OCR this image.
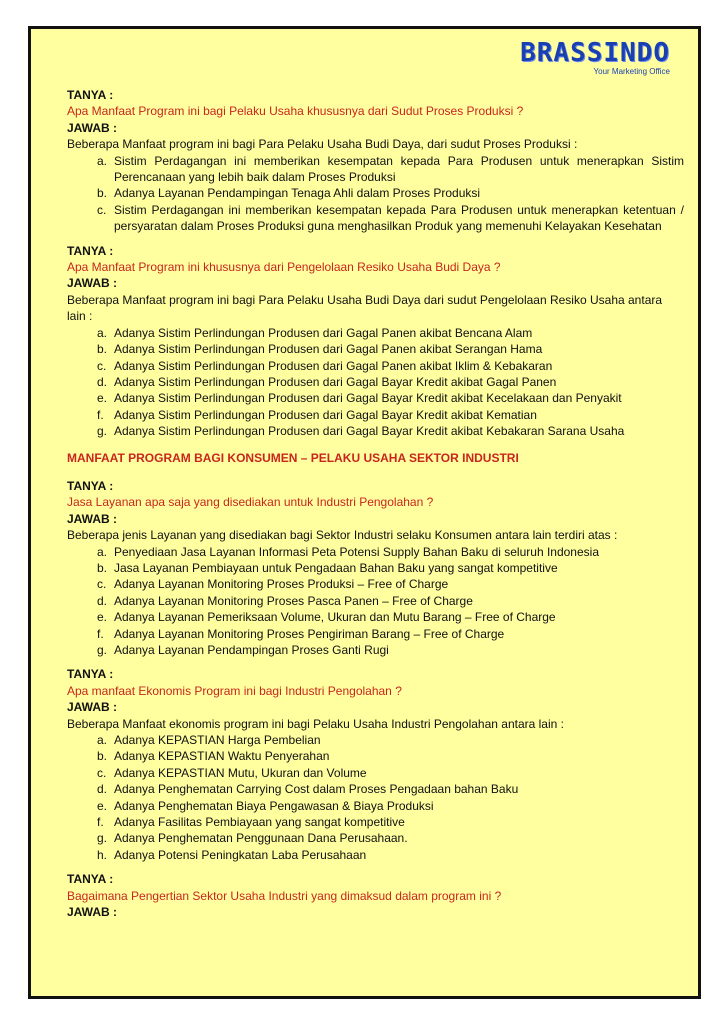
BRASSINDO
Your Marketing Office
TANYA :
Apa Manfaat Program ini bagi Pelaku Usaha khususnya dari Sudut Proses Produksi ?
JAWAB :
Beberapa Manfaat program ini bagi Para Pelaku Usaha Budi Daya, dari sudut Proses Produksi :
a. Sistim Perdagangan ini memberikan kesempatan kepada Para Produsen untuk menerapkan Sistim Perencanaan yang lebih baik dalam Proses Produksi
b. Adanya Layanan Pendampingan Tenaga Ahli dalam Proses Produksi
c. Sistim Perdagangan ini memberikan kesempatan kepada Para Produsen untuk menerapkan ketentuan / persyaratan dalam Proses Produksi guna menghasilkan Produk yang memenuhi Kelayakan Kesehatan
TANYA :
Apa Manfaat Program ini khususnya dari Pengelolaan Resiko Usaha Budi Daya ?
JAWAB :
Beberapa Manfaat program ini bagi Para Pelaku Usaha Budi Daya dari sudut Pengelolaan Resiko Usaha antara lain :
a. Adanya Sistim Perlindungan Produsen dari Gagal Panen akibat Bencana Alam
b. Adanya Sistim Perlindungan Produsen dari Gagal Panen akibat Serangan Hama
c. Adanya Sistim Perlindungan Produsen dari Gagal Panen akibat Iklim & Kebakaran
d. Adanya Sistim Perlindungan Produsen dari Gagal Bayar Kredit akibat Gagal Panen
e. Adanya Sistim Perlindungan Produsen dari Gagal Bayar Kredit akibat Kecelakaan dan Penyakit
f. Adanya Sistim Perlindungan Produsen dari Gagal Bayar Kredit akibat Kematian
g. Adanya Sistim Perlindungan Produsen dari Gagal Bayar Kredit akibat Kebakaran Sarana Usaha
MANFAAT PROGRAM BAGI KONSUMEN – PELAKU USAHA SEKTOR INDUSTRI
TANYA :
Jasa Layanan apa saja yang disediakan untuk Industri Pengolahan ?
JAWAB :
Beberapa jenis Layanan yang disediakan bagi Sektor Industri selaku Konsumen antara lain terdiri atas :
a. Penyediaan Jasa Layanan Informasi Peta Potensi Supply Bahan Baku di seluruh Indonesia
b. Jasa Layanan Pembiayaan untuk Pengadaan Bahan Baku yang sangat kompetitive
c. Adanya Layanan Monitoring Proses Produksi – Free of Charge
d. Adanya Layanan Monitoring Proses Pasca Panen – Free of Charge
e. Adanya Layanan Pemeriksaan Volume, Ukuran dan Mutu Barang – Free of Charge
f. Adanya Layanan Monitoring Proses Pengiriman Barang – Free of Charge
g. Adanya Layanan Pendampingan Proses Ganti Rugi
TANYA :
Apa manfaat Ekonomis Program ini bagi Industri Pengolahan ?
JAWAB :
Beberapa Manfaat ekonomis program ini bagi Pelaku Usaha Industri Pengolahan antara lain :
a. Adanya KEPASTIAN Harga Pembelian
b. Adanya KEPASTIAN Waktu Penyerahan
c. Adanya KEPASTIAN Mutu, Ukuran dan Volume
d. Adanya Penghematan Carrying Cost dalam Proses Pengadaan bahan Baku
e. Adanya Penghematan Biaya Pengawasan & Biaya Produksi
f. Adanya Fasilitas Pembiayaan yang sangat kompetitive
g. Adanya Penghematan Penggunaan Dana Perusahaan.
h. Adanya Potensi Peningkatan Laba Perusahaan
TANYA :
Bagaimana Pengertian Sektor Usaha Industri yang dimaksud dalam program ini ?
JAWAB :
